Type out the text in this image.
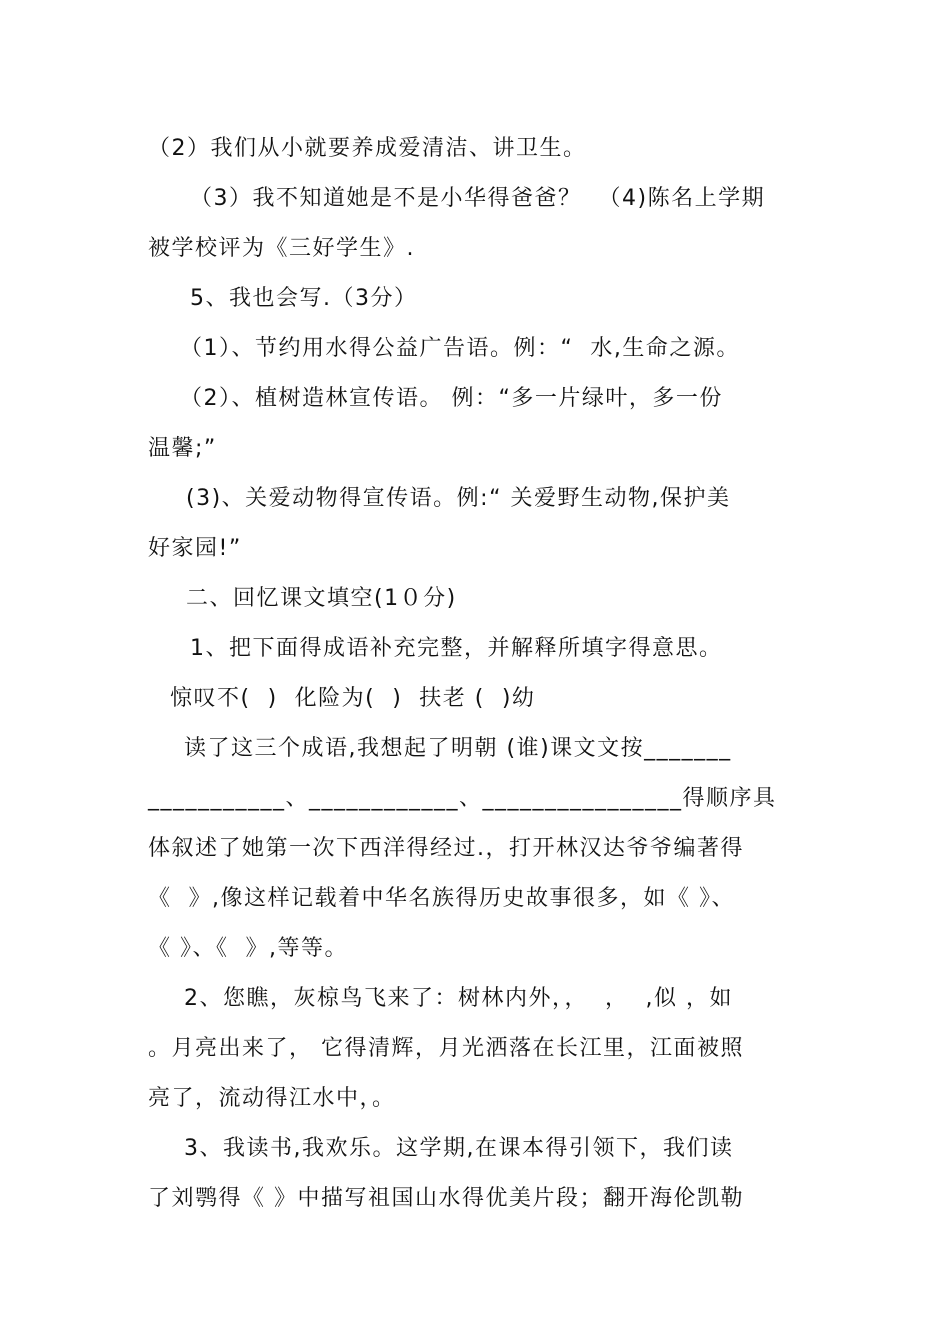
（2）我们从小就要养成爱清洁、讲卫生。
（3）我不知道她是不是小华得爸爸？  （4)陈名上学期
被学校评为《三好学生》.
5、我也会写.（3分）
（1）、节约用水得公益广告语。例：“  水,生命之源。
（2）、植树造林宣传语。 例：“多一片绿叶，多一份
温馨;”
(3)、关爱动物得宣传语。例:“ 关爱野生动物,保护美
好家园!”
二、回忆课文填空(1０分)
1、把下面得成语补充完整，并解释所填字得意思。
惊叹不(  )  化险为(  )  扶老 (  )幼
读了这三个成语,我想起了明朝 (谁)课文文按_______
___________、____________、________________得顺序具
体叙述了她第一次下西洋得经过.，打开林汉达爷爷编著得
《  》,像这样记载着中华名族得历史故事很多，如《 》、
《 》、《  》,等等。
2、您瞧，灰椋鸟飞来了：树林内外，，  ，  ,似 ，如
。月亮出来了， 它得清辉，月光洒落在长江里，江面被照
亮了，流动得江水中，。
3、我读书,我欢乐。这学期,在课本得引领下，我们读
了刘鹗得《 》中描写祖国山水得优美片段；翻开海伦凯勒
